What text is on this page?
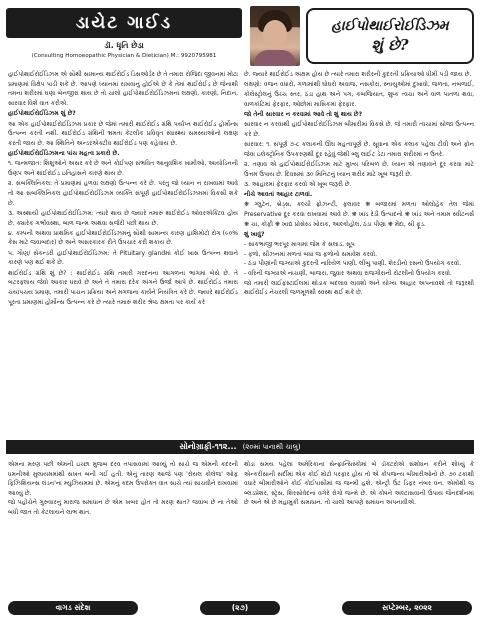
ડાયેટ ગાઈડ
ડૉ. ધૃતિ છેડા
(Consulting Homoeopathic Physician & Dietician) M.: 9920795981
હાઈપોથાઈરોઈડિઝમ
શું છે?

હાઈપોથાઈરોઈડિઝમ એ સૌથી સામાન્ય થાઈરોઈડ ડિસઓર્ડર છે તે તમારા રોજિંદા જીવનમાં મોટા પ્રમાણમાં વિક્ષેપ પાડી શકે છે. આપણે ધ્યાનમાં રાખવાનું હોઈએ છે કે તેમાં થાઈરોઈડ છે જેનાથી તમના શરીરમાં ઘણા બેનજીરા થાય છે તો ચાલો હાઈપોથાઈરોઈડિઝમના લક્ષણો, કારણો, નિદાન, સારવાર વિશે વાત કરીએ.

હાઈપોથાઈરોઈડિઝમ શું છે?

આ એક હાઈપોથાઈરોઈડિઝમ પ્રકાર છે જેમાં તમારી થાઈરોઈડ ગ્રંથિ પર્યાપ્ત થાઈરોઈડ હોર્મોન્સ ઉત્પન્ન કરતી નથી. થાઈરોઈડ ગ્રંથિની ભ્રમતા કેટલીક પ્રવિવૃત સ્વાસ્થ્ય સમસ્યાઓનો લક્ષણ કરતી જાય છે. આ સ્થિતિને અન્ડરએક્ટીવ થાઈરોઈડ પણ કહેવાય છે.

હાઈપોથાઈરોઈડિઝમના પાંચ મહત્વ પ્રકારો છે.

૧. જન્મજાત: શિશુઓને અસર કરે છે અને કોઈપણ સંભવિત આનુવંશિક ખામીઓ, આયોડિનની ઉણપ અને થાઈરોઈડ ઇતિહાસને કારણે થાય છે.

૨. સબક્લિનિકલ: તે પ્રમાણમાં હળવા લક્ષણો ઉત્પન્ન કરે છે. પરંતુ જો ધ્યાન ન રાખવામાં આવે તો આ સબક્લિનિકલ હાઈપોથાઈરોઈડિઝમ વ્યક્તિ સંપૂર્ણ હાઈપોથાઈરોઈડિઝમમાં વિકસી શકે છે.

૩. અસ્થાયી હાઈપોથાઈરોઈડિઝમ: ત્યારે થાય છે જ્યારે તમારું થાઈરોઈડ ઓવરએક્ટિવ હોય છે. ક્યારેક ગર્ભાવસ્થા, બાળ જન્મ અથવા સર્જરી પછી થાય છે.

૪. કમ્પની અથવા પ્રાથમિક હાઈપોથાઈરોઈડિઝમનું સૌથી સામાન્ય કારણ હાશિમોટો રોગ (૯૦% કેસ માટે જવાબદાર) છે અને અસરકારક રીતે ઉપચાર કરી શકાય છે.

૫. ગૌણ/ સેકન્ડરી હાઈપોથાઈરોઈડિઝમ: તે Pituitary glandમાં કોઈ ખાસ ઉત્પન્ન થવાને કારણે પણ થઈ શકે છે.

થાઈરોઈડ ગ્રંથિ શું છે? : થાઈરોઈડ ગ્રંથિ તમારી ગરદનના આગળના ભાગમાં બેસે છે. તે બટરફ્લાય જેવો આકાર ધરાવે છે અને તે તમારા દરેક અંગને ઉર્જા આપે છે. થાઈરોઈડ તમારા ચયાપચય પ્રમાણ, તમારી પાચન પ્રક્રિયા અને મગજના કાર્યને નિયંત્રિત કરે છે. જ્યારે થાઈરોઈડ પૂરતા પ્રમાણમાં હોર્મોન્સ ઉત્પન્ન કરે છે ત્યારે તમારું શરીર શ્રેષ્ઠ ક્ષમતા પર કાર્ય કરે

છે. જ્યારે થાઈરોઈડ અક્ષમ હોય છે ત્યારે તમારા શરીરની કુદરતી પ્રક્રિયાઓ ધીમી પડી જાય છે.

લક્ષણો: વજન વધારો, ગળામાંથી ઘોઘરો અવાજ, નસકોરા, સ્નાયુઓમાં દુખાવો, જળતા, નબળાઈ, કોલેસ્ટ્રોલનું ઉચ્ચ સ્તર, ઠંડા હાથ અને પગ, કબજિયાત, શુષ્ક ત્વચા અને વાળ પાતળા થવા, વાળકાંટિમાં ફેરફાર, ઓછોમાં માસિકમાં ફેરફાર.

જો તેની સારવાર ન કરવામાં આવે તો શું થાય છે?

સારવાર ન કરવાથી હાઈપોથાઈરોઈડિઝમ બીમારીમાં વિકસે છે. જે તમારી ત્વચામાં સોજા ઉત્પન્ન કરે છે.

સારવાર: ૧. સંપૂર્ણ ૭-૮ કલાકની ઊંઘ મહત્વપૂર્ણ છે. સૂવાના એક કલાક પહેલા ટીવી અને ફોન જેવા ઇલેક્ટ્રોનિક ઉપકરણથી દૂર રહેવું જેથી બ્લુ લાઈટ ડેટા તમારા શરીરમાં ન ઉતરે.

૨. તણાવ એ હાઈપોથાઈરોઈડિઝમ માટે મુખ્ય પરિબળ છે. ધ્યાન એ તણાવને દૂર કરવા માટે ઉત્તમ ઉપાય છે. દિવસમાં ૩૦ મિનિટનું ધ્યાન શરીર માટે ખૂબ જરૂરી છે.

૩. આહારમાં ફેરફાર કરવો એ ખૂબ જરૂરી છે.

નીચે આવતાં આહાર ટાળવાં.

❋ ગ્લુટેન, બ્રેડ્સ, કલ્ચી ફ્રોઝન્ટી, ફલાવર ❋ બજારમાં મળતા ઓલોહેક તેલ જેમાં Preservative દૂર કરવા રાખવામાં આવે છે. ❋ ખાંડ રેડી ઉત્પાદનો ❋ ખાંડ અને તમામ સ્વીટનર્સ ❋ ચા, કોફી ❋ ખાદ્ય પ્રોસેસ્ડ ખોરાક, આલ્કોહોલ, ઠંડા પીણા ❋ મેંદા, સી ફૂડ.

શું ખાવું?

- સાકભાજી ભરપૂર માત્રામાં જેમ કે સલાડ, સૂપ
- ફળો, સીઝનમાં મળતાં બધા જ ફળોનો સમાવેશ કરવો.
- ઠંડા પીણાંની જગ્યાએ કુદરતી નારિયેળ પાણી, લીંબુ પાણી, શેરડીનો રસનો ઉપયોગ કરવો.
- વરિની જગ્યાએ નાચણી, બાજરા, જુવાર અથવા રાજગીરાની રોટલીનો ઉપયોગ કરવો.

જો તમારી લાઈફસ્ટાઈલમાં થોડાક બદલાવ લાવશો અને યોગ્ય આહાર અપનાવશો તો જરૂરથી થાઈરોઈડ નેચરલી જળમૂળથી સ્વસ્થ થઈ શકે છે.

સોનોગ્રાફી-૧૧૨... (૨૦માં પાનાથી ચાલુ)

એમના મરણ પછી એમની ઇચ્છા મુજબ દરવ તપાસવામાં આવ્યું તો સાચે જ એમની કદરની ધમનીઓ મુલાયમમાંથી સખત બની ગઈ હતી. એનું તારણ આજે પણ 'રોયલ કોલેજ' ઓફ ફિઝિશિયન્સ લંડન'ના મ્યુઝિયમમાં છે. એમનું કદમ ઉપરોક્ત વાત સાચે ત્યાં સાચવીને રાખવામાં આવ્યું છે.
જો પહોંચેને ગુરુવારનું મારાજ સમાધાન છે એમ ખબર હોત તો મરણ થાત? જવાબ છે ના તેઓ બધી જાત તો કેટલાયને લાભ થાત.

થોડા સમય પહેલા અમેરિકાના સેન્ફ્રાન્સિસ્કોમાં બે ડૉક્ટરોએ સંશોધન કરીને શોધ્યું કે એન્કરીસાની સર્દીમાં એક કોઈ મોટો પરફાર હોય તો એ કોંપજન્ય બીમારીઓનો છે. ૭૦ ટકાથી વધારે બીમારીઓને કોઈ કોઈપાસીમાં જ જન્મી હશે. એન્ટ્રી ઉંટ ડિફર નંબર વન. એમોંથી જ બ્લડપ્રેશર, સ્ટ્રેસ, શિરસોવેદના વગેરે રોગો જન્મે છે. એ કોષને અલ્ટાસવાની ઉપાય જૈનદર્શનમાં છે અને એ છે મહામુકી સમાધાન. તો ચાલો આપણે સમાધન અપનાવીએ.

વાગડ સંદેશ	(૨૭)	સપ્ટેમ્બર, ૨૦૨૨
